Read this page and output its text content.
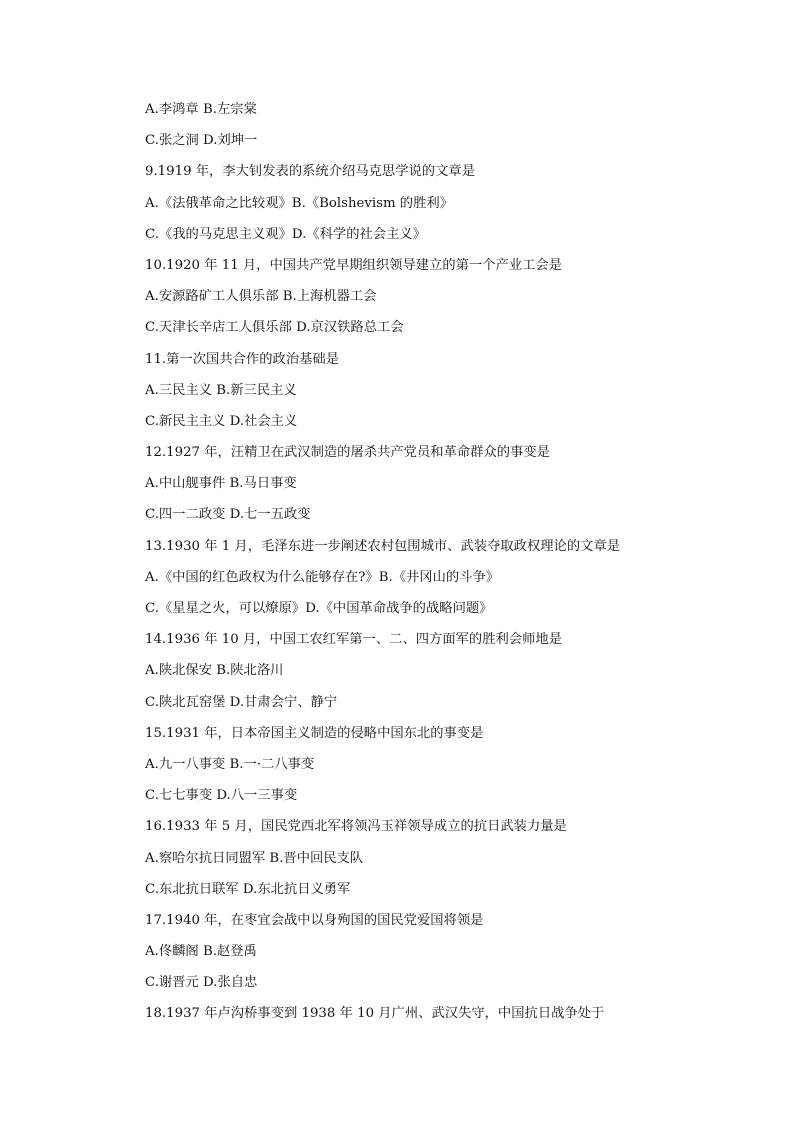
A.李鸿章 B.左宗棠
C.张之洞 D.刘坤一
9.1919 年，李大钊发表的系统介绍马克思学说的文章是
A.《法俄革命之比较观》B.《Bolshevism 的胜利》
C.《我的马克思主义观》D.《科学的社会主义》
10.1920 年 11 月，中国共产党早期组织领导建立的第一个产业工会是
A.安源路矿工人俱乐部 B.上海机器工会
C.天津长辛店工人俱乐部 D.京汉铁路总工会
11.第一次国共合作的政治基础是
A.三民主义 B.新三民主义
C.新民主主义 D.社会主义
12.1927 年，汪精卫在武汉制造的屠杀共产党员和革命群众的事变是
A.中山舰事件 B.马日事变
C.四一二政变 D.七一五政变
13.1930 年 1 月，毛泽东进一步阐述农村包围城市、武装夺取政权理论的文章是
A.《中国的红色政权为什么能够存在?》B.《井冈山的斗争》
C.《星星之火，可以燎原》D.《中国革命战争的战略问题》
14.1936 年 10 月，中国工农红军第一、二、四方面军的胜利会师地是
A.陕北保安 B.陕北洛川
C.陕北瓦窑堡 D.甘肃会宁、静宁
15.1931 年，日本帝国主义制造的侵略中国东北的事变是
A.九一八事变 B.一·二八事变
C.七七事变 D.八一三事变
16.1933 年 5 月，国民党西北军将领冯玉祥领导成立的抗日武装力量是
A.察哈尔抗日同盟军 B.晋中回民支队
C.东北抗日联军 D.东北抗日义勇军
17.1940 年，在枣宜会战中以身殉国的国民党爱国将领是
A.佟麟阁 B.赵登禹
C.谢晋元 D.张自忠
18.1937 年卢沟桥事变到 1938 年 10 月广州、武汉失守，中国抗日战争处于
